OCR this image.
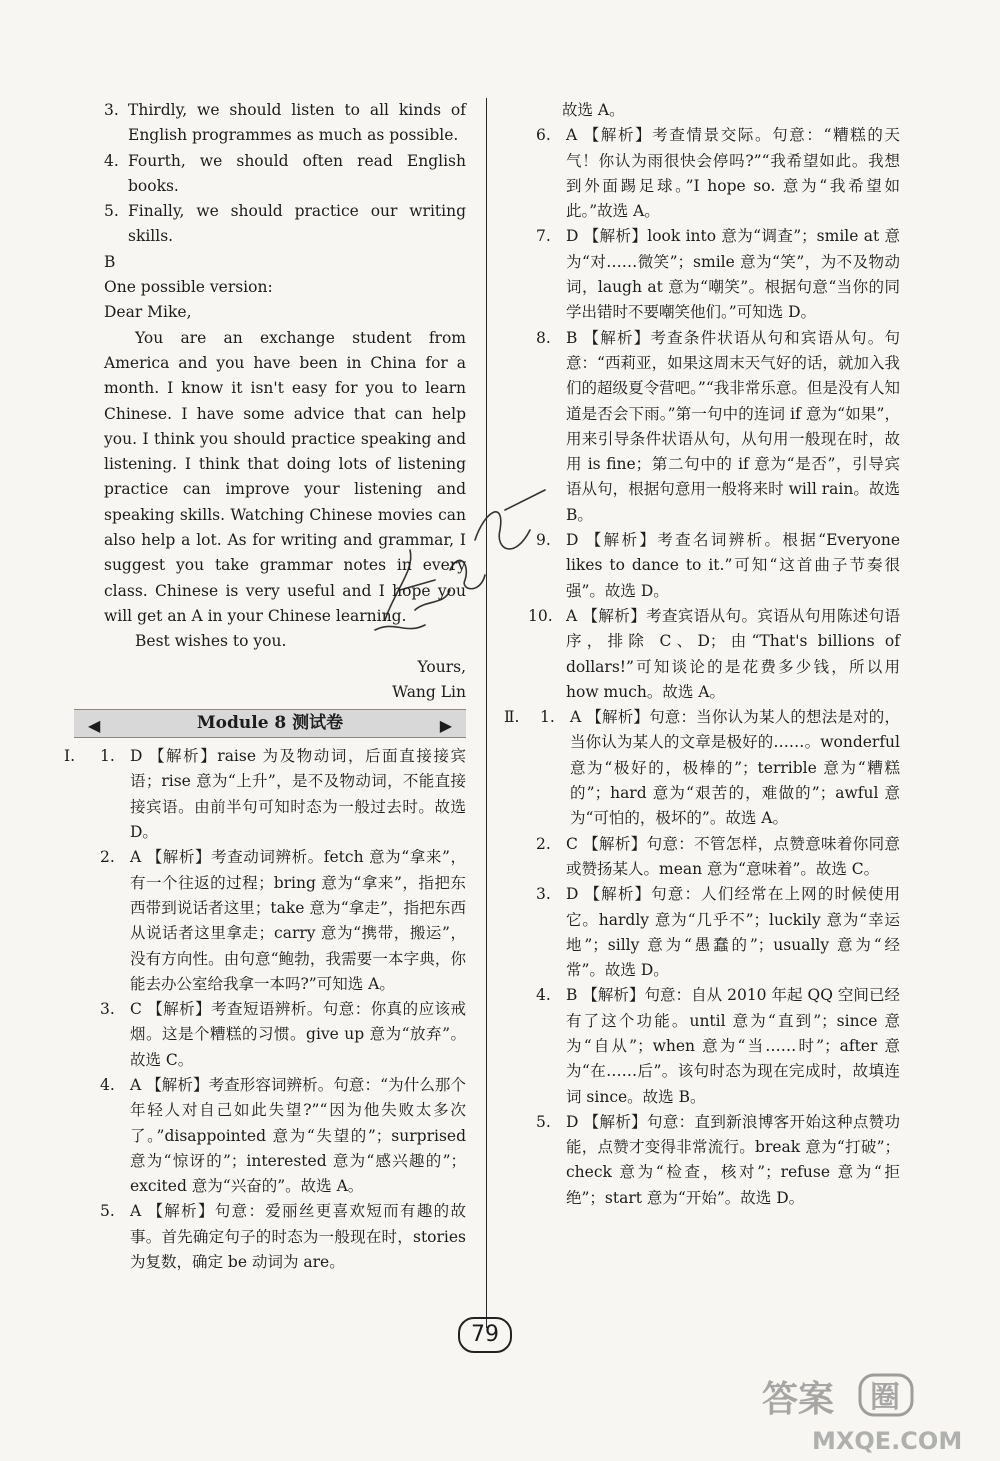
3. Thirdly, we should listen to all kinds of English programmes as much as possible.
4. Fourth, we should often read English books.
5. Finally, we should practice our writing skills.
B
One possible version:
Dear Mike,
You are an exchange student from America and you have been in China for a month. I know it isn't easy for you to learn Chinese. I have some advice that can help you. I think you should practice speaking and listening. I think that doing lots of listening practice can improve your listening and speaking skills. Watching Chinese movies can also help a lot. As for writing and grammar, I suggest you take grammar notes in every class. Chinese is very useful and I hope you will get an A in your Chinese learning.
Best wishes to you.
Yours,
Wang Lin
◀	Module 8 测试卷	▶
Ⅰ.	1. D 【解析】raise 为及物动词，后面直接接宾语；rise 意为“上升”，是不及物动词，不能直接接宾语。由前半句可知时态为一般过去时。故选 D。
2. A 【解析】考查动词辨析。fetch 意为“拿来”，有一个往返的过程；bring 意为“拿来”，指把东西带到说话者这里；take 意为“拿走”，指把东西从说话者这里拿走；carry 意为“携带，搬运”，没有方向性。由句意“鲍勃，我需要一本字典，你能去办公室给我拿一本吗?”可知选 A。
3. C 【解析】考查短语辨析。句意：你真的应该戒烟。这是个糟糕的习惯。give up 意为“放弃”。故选 C。
4. A 【解析】考查形容词辨析。句意：“为什么那个年轻人对自己如此失望?”“因为他失败太多次了。”disappointed 意为“失望的”；surprised 意为“惊讶的”；interested 意为“感兴趣的”；excited 意为“兴奋的”。故选 A。
5. A 【解析】句意：爱丽丝更喜欢短而有趣的故事。首先确定句子的时态为一般现在时，stories 为复数，确定 be 动词为 are。
故选 A。
6. A 【解析】考查情景交际。句意：“糟糕的天气！你认为雨很快会停吗?”“我希望如此。我想到外面踢足球。”I hope so. 意为“我希望如此。”故选 A。
7. D 【解析】look into 意为“调查”；smile at 意为“对……微笑”；smile 意为“笑”，为不及物动词，laugh at 意为“嘲笑”。根据句意“当你的同学出错时不要嘲笑他们。”可知选 D。
8. B 【解析】考查条件状语从句和宾语从句。句意：“西莉亚，如果这周末天气好的话，就加入我们的超级夏令营吧。”“我非常乐意。但是没有人知道是否会下雨。”第一句中的连词 if 意为“如果”，用来引导条件状语从句，从句用一般现在时，故用 is fine；第二句中的 if 意为“是否”，引导宾语从句，根据句意用一般将来时 will rain。故选 B。
9. D 【解析】考查名词辨析。根据“Everyone likes to dance to it.”可知“这首曲子节奏很强”。故选 D。
10. A 【解析】考查宾语从句。宾语从句用陈述句语序，排除 C、D；由“That's billions of dollars!”可知谈论的是花费多少钱，所以用 how much。故选 A。
Ⅱ.	1. A 【解析】句意：当你认为某人的想法是对的，当你认为某人的文章是极好的……。wonderful 意为“极好的，极棒的”；terrible 意为“糟糕的”；hard 意为“艰苦的，难做的”；awful 意为“可怕的，极坏的”。故选 A。
2. C 【解析】句意：不管怎样，点赞意味着你同意或赞扬某人。mean 意为“意味着”。故选 C。
3. D 【解析】句意：人们经常在上网的时候使用它。hardly 意为“几乎不”；luckily 意为“幸运地”；silly 意为“愚蠢的”；usually 意为“经常”。故选 D。
4. B 【解析】句意：自从 2010 年起 QQ 空间已经有了这个功能。until 意为“直到”；since 意为“自从”；when 意为“当……时”；after 意为“在……后”。该句时态为现在完成时，故填连词 since。故选 B。
5. D 【解析】句意：直到新浪博客开始这种点赞功能，点赞才变得非常流行。break 意为“打破”；check 意为“检查，核对”；refuse 意为“拒绝”；start 意为“开始”。故选 D。
79
答案 圈
MXQE.COM
